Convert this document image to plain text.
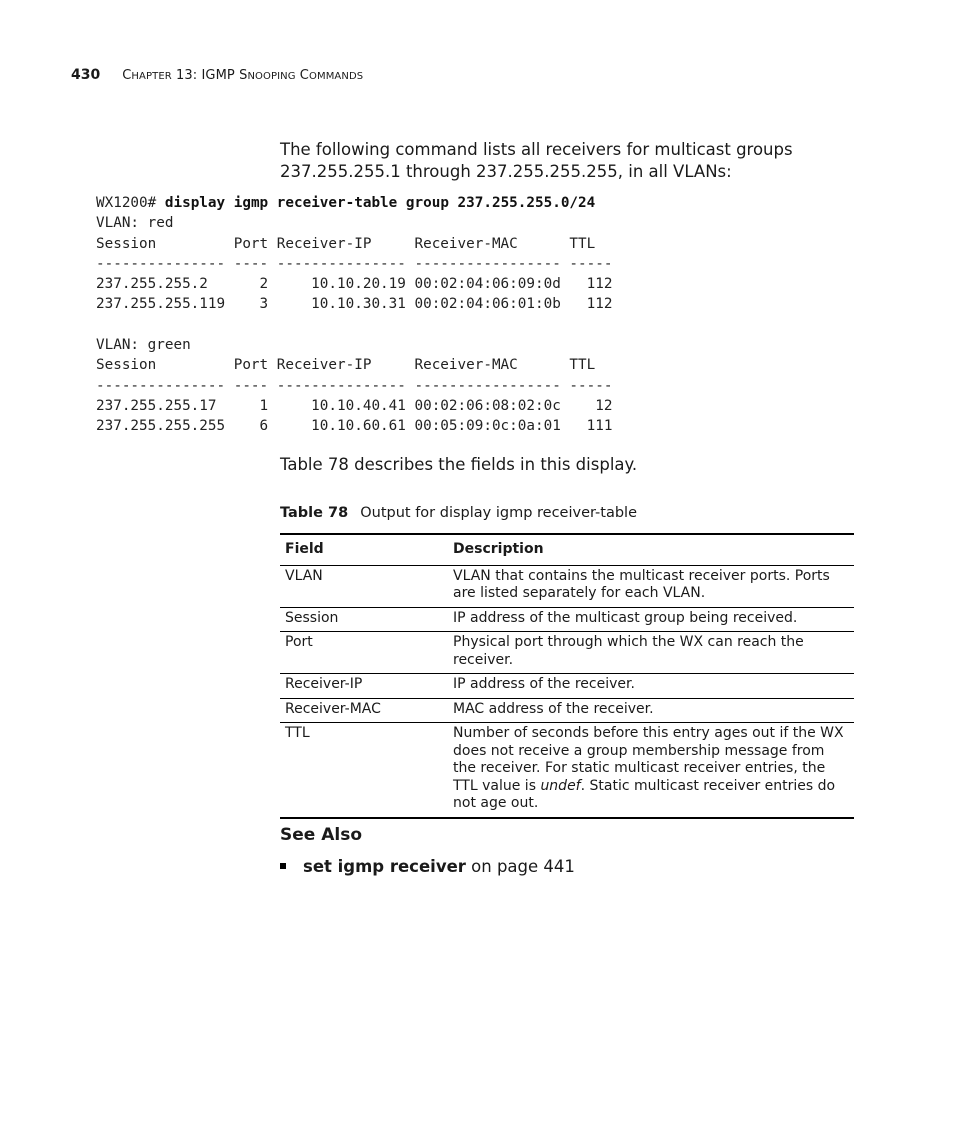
430 CHAPTER 13: IGMP SNOOPING COMMANDS
The following command lists all receivers for multicast groups 237.255.255.1 through 237.255.255.255, in all VLANs:
WX1200# display igmp receiver-table group 237.255.255.0/24
VLAN: red
Session         Port Receiver-IP     Receiver-MAC      TTL
--------------- ---- --------------- ----------------- -----
237.255.255.2      2     10.10.20.19 00:02:04:06:09:0d   112
237.255.255.119    3     10.10.30.31 00:02:04:06:01:0b   112

VLAN: green
Session         Port Receiver-IP     Receiver-MAC      TTL
--------------- ---- --------------- ----------------- -----
237.255.255.17     1     10.10.40.41 00:02:06:08:02:0c    12
237.255.255.255    6     10.10.60.61 00:05:09:0c:0a:01   111
Table 78 describes the fields in this display.
Table 78 Output for display igmp receiver-table
Field	Description
VLAN	VLAN that contains the multicast receiver ports. Ports are listed separately for each VLAN.
Session	IP address of the multicast group being received.
Port	Physical port through which the WX can reach the receiver.
Receiver-IP	IP address of the receiver.
Receiver-MAC	MAC address of the receiver.
TTL	Number of seconds before this entry ages out if the WX does not receive a group membership message from the receiver. For static multicast receiver entries, the TTL value is undef. Static multicast receiver entries do not age out.
See Also
set igmp receiver on page 441
